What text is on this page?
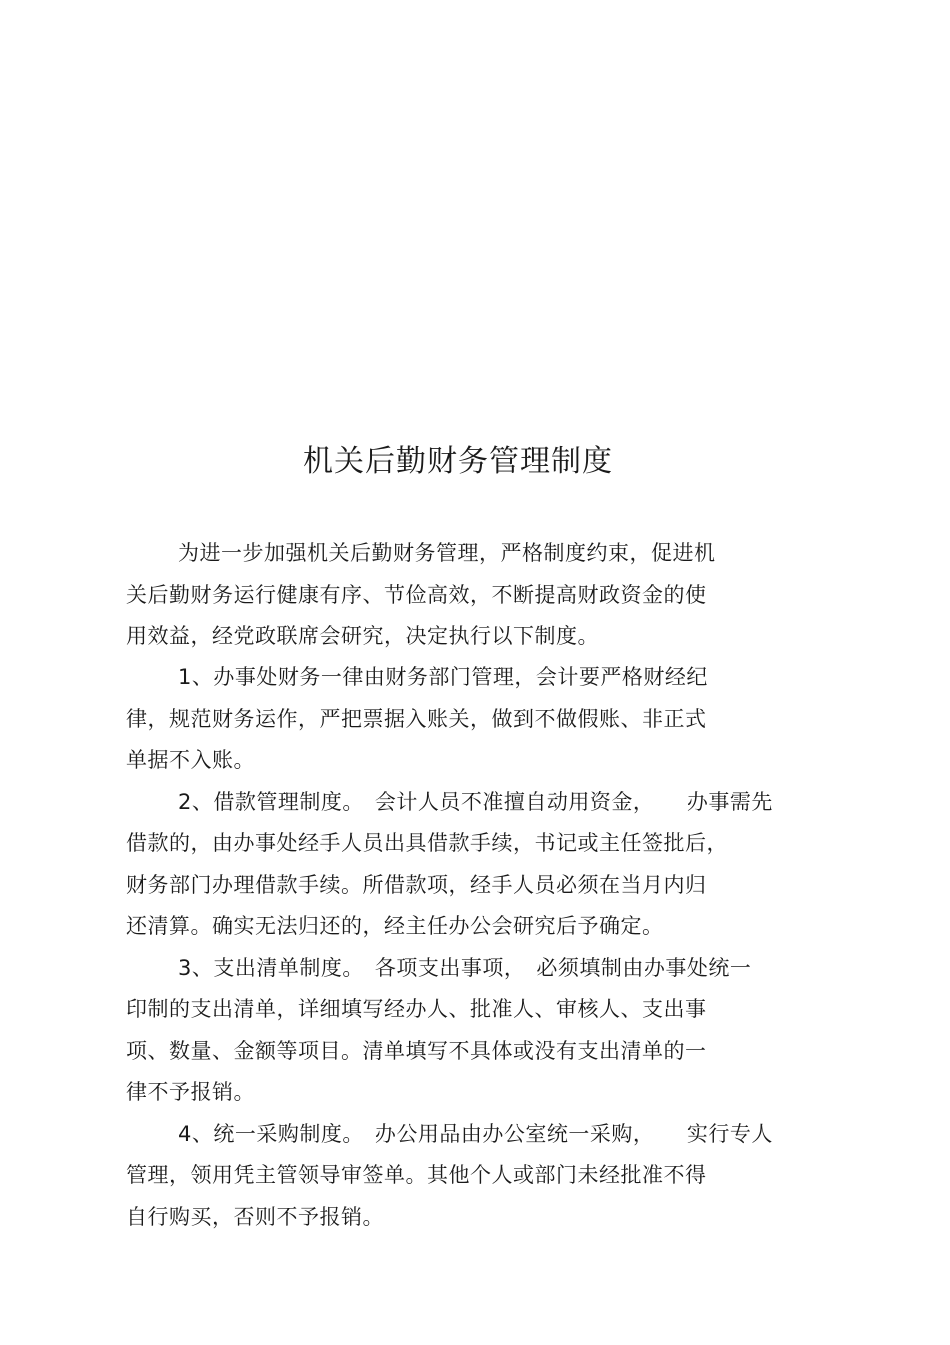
机关后勤财务管理制度

为进一步加强机关后勤财务管理，严格制度约束，促进机

关后勤财务运行健康有序、节俭高效，不断提高财政资金的使

用效益，经党政联席会研究，决定执行以下制度。

1、办事处财务一律由财务部门管理，会计要严格财经纪

律，规范财务运作，严把票据入账关，做到不做假账、非正式

单据不入账。

2、借款管理制度。　会计人员不准擅自动用资金，　　办事需先

借款的，由办事处经手人员出具借款手续，书记或主任签批后，

财务部门办理借款手续。所借款项，经手人员必须在当月内归

还清算。确实无法归还的，经主任办公会研究后予确定。

3、支出清单制度。　各项支出事项，　必须填制由办事处统一

印制的支出清单，详细填写经办人、批准人、审核人、支出事

项、数量、金额等项目。清单填写不具体或没有支出清单的一

律不予报销。

4、统一采购制度。　办公用品由办公室统一采购，　　实行专人

管理，领用凭主管领导审签单。其他个人或部门未经批准不得

自行购买，否则不予报销。
